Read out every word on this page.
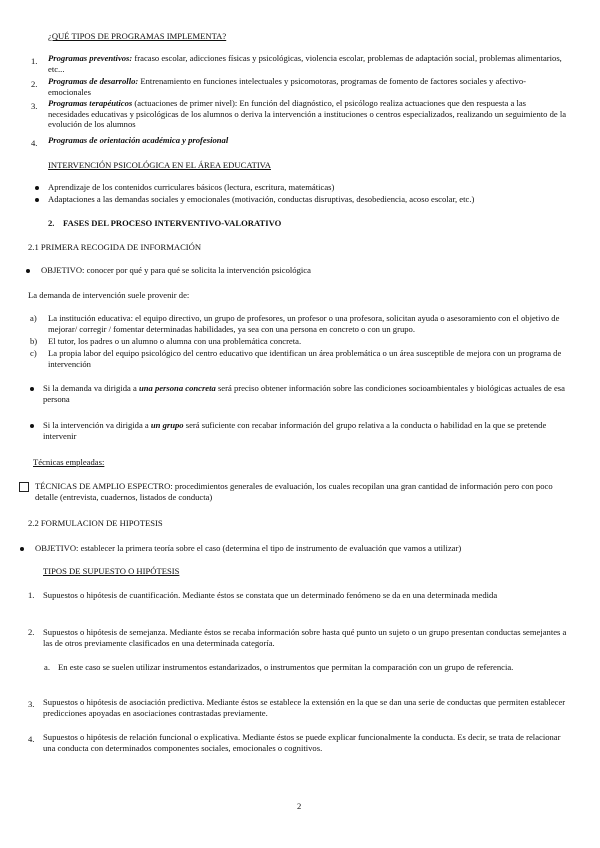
¿QUÉ TIPOS DE PROGRAMAS IMPLEMENTA?

1. Programas preventivos: fracaso escolar, adicciones físicas y psicológicas, violencia escolar, problemas de adaptación social, problemas alimentarios, etc...

2. Programas de desarrollo: Entrenamiento en funciones intelectuales y psicomotoras, programas de fomento de factores sociales y afectivo-emocionales

3. Programas terapéuticos (actuaciones de primer nivel): En función del diagnóstico, el psicólogo realiza actuaciones que den respuesta a las necesidades educativas y psicológicas de los alumnos o deriva la intervención a instituciones o centros especializados, realizando un seguimiento de la evolución de los alumnos

4. Programas de orientación académica y profesional

INTERVENCIÓN PSICOLÓGICA EN EL ÁREA EDUCATIVA

Aprendizaje de los contenidos curriculares básicos (lectura, escritura, matemáticas)

Adaptaciones a las demandas sociales y emocionales (motivación, conductas disruptivas, desobediencia, acoso escolar, etc.)

2. FASES DEL PROCESO INTERVENTIVO-VALORATIVO

2.1 PRIMERA RECOGIDA DE INFORMACIÓN

OBJETIVO: conocer por qué y para qué se solicita la intervención psicológica

La demanda de intervención suele provenir de:

a) La institución educativa: el equipo directivo, un grupo de profesores, un profesor o una profesora, solicitan ayuda o asesoramiento con el objetivo de mejorar/ corregir / fomentar determinadas habilidades, ya sea con una persona en concreto o con un grupo.

b) El tutor, los padres o un alumno o alumna con una problemática concreta.

c) La propia labor del equipo psicológico del centro educativo que identifican un área problemática o un área susceptible de mejora con un programa de intervención

Si la demanda va dirigida a una persona concreta será preciso obtener información sobre las condiciones socioambientales y biológicas actuales de esa persona

Si la intervención va dirigida a un grupo será suficiente con recabar información del grupo relativa a la conducta o habilidad en la que se pretende intervenir

Técnicas empleadas:

TÉCNICAS DE AMPLIO ESPECTRO: procedimientos generales de evaluación, los cuales recopilan una gran cantidad de información pero con poco detalle (entrevista, cuadernos, listados de conducta)

2.2 FORMULACION DE HIPOTESIS

OBJETIVO: establecer la primera teoría sobre el caso (determina el tipo de instrumento de evaluación que vamos a utilizar)

TIPOS DE SUPUESTO O HIPÓTESIS

1. Supuestos o hipótesis de cuantificación. Mediante éstos se constata que un determinado fenómeno se da en una determinada medida

2. Supuestos o hipótesis de semejanza. Mediante éstos se recaba información sobre hasta qué punto un sujeto o un grupo presentan conductas semejantes a las de otros previamente clasificados en una determinada categoría.

a. En este caso se suelen utilizar instrumentos estandarizados, o instrumentos que permitan la comparación con un grupo de referencia.

3. Supuestos o hipótesis de asociación predictiva. Mediante éstos se establece la extensión en la que se dan una serie de conductas que permiten establecer predicciones apoyadas en asociaciones contrastadas previamente.

4. Supuestos o hipótesis de relación funcional o explicativa. Mediante éstos se puede explicar funcionalmente la conducta. Es decir, se trata de relacionar una conducta con determinados componentes sociales, emocionales o cognitivos.

2
